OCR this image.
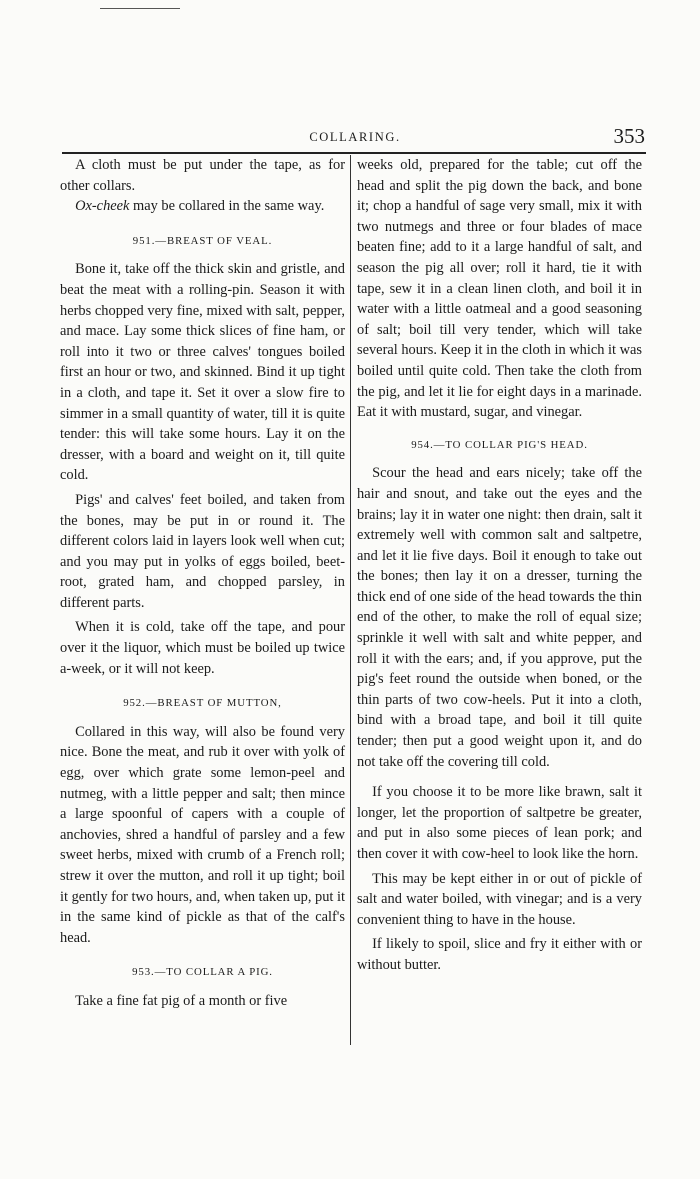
COLLARING.	353

A cloth must be put under the tape, as for other collars.

Ox-cheek may be collared in the same way.

951.—BREAST OF VEAL.

Bone it, take off the thick skin and gristle, and beat the meat with a rolling-pin. Season it with herbs chopped very fine, mixed with salt, pepper, and mace. Lay some thick slices of fine ham, or roll into it two or three calves' tongues boiled first an hour or two, and skinned. Bind it up tight in a cloth, and tape it. Set it over a slow fire to simmer in a small quantity of water, till it is quite tender: this will take some hours. Lay it on the dresser, with a board and weight on it, till quite cold.

Pigs' and calves' feet boiled, and taken from the bones, may be put in or round it. The different colors laid in layers look well when cut; and you may put in yolks of eggs boiled, beet-root, grated ham, and chopped parsley, in different parts.

When it is cold, take off the tape, and pour over it the liquor, which must be boiled up twice a-week, or it will not keep.

952.—BREAST OF MUTTON,

Collared in this way, will also be found very nice. Bone the meat, and rub it over with yolk of egg, over which grate some lemon-peel and nutmeg, with a little pepper and salt; then mince a large spoonful of capers with a couple of anchovies, shred a handful of parsley and a few sweet herbs, mixed with crumb of a French roll; strew it over the mutton, and roll it up tight; boil it gently for two hours, and, when taken up, put it in the same kind of pickle as that of the calf's head.

953.—TO COLLAR A PIG.

Take a fine fat pig of a month or five

weeks old, prepared for the table; cut off the head and split the pig down the back, and bone it; chop a handful of sage very small, mix it with two nutmegs and three or four blades of mace beaten fine; add to it a large handful of salt, and season the pig all over; roll it hard, tie it with tape, sew it in a clean linen cloth, and boil it in water with a little oatmeal and a good seasoning of salt; boil till very tender, which will take several hours. Keep it in the cloth in which it was boiled until quite cold. Then take the cloth from the pig, and let it lie for eight days in a marinade. Eat it with mustard, sugar, and vinegar.

954.—TO COLLAR PIG'S HEAD.

Scour the head and ears nicely; take off the hair and snout, and take out the eyes and the brains; lay it in water one night: then drain, salt it extremely well with common salt and saltpetre, and let it lie five days. Boil it enough to take out the bones; then lay it on a dresser, turning the thick end of one side of the head towards the thin end of the other, to make the roll of equal size; sprinkle it well with salt and white pepper, and roll it with the ears; and, if you approve, put the pig's feet round the outside when boned, or the thin parts of two cow-heels. Put it into a cloth, bind with a broad tape, and boil it till quite tender; then put a good weight upon it, and do not take off the covering till cold.

If you choose it to be more like brawn, salt it longer, let the proportion of saltpetre be greater, and put in also some pieces of lean pork; and then cover it with cow-heel to look like the horn.

This may be kept either in or out of pickle of salt and water boiled, with vinegar; and is a very convenient thing to have in the house.

If likely to spoil, slice and fry it either with or without butter.
